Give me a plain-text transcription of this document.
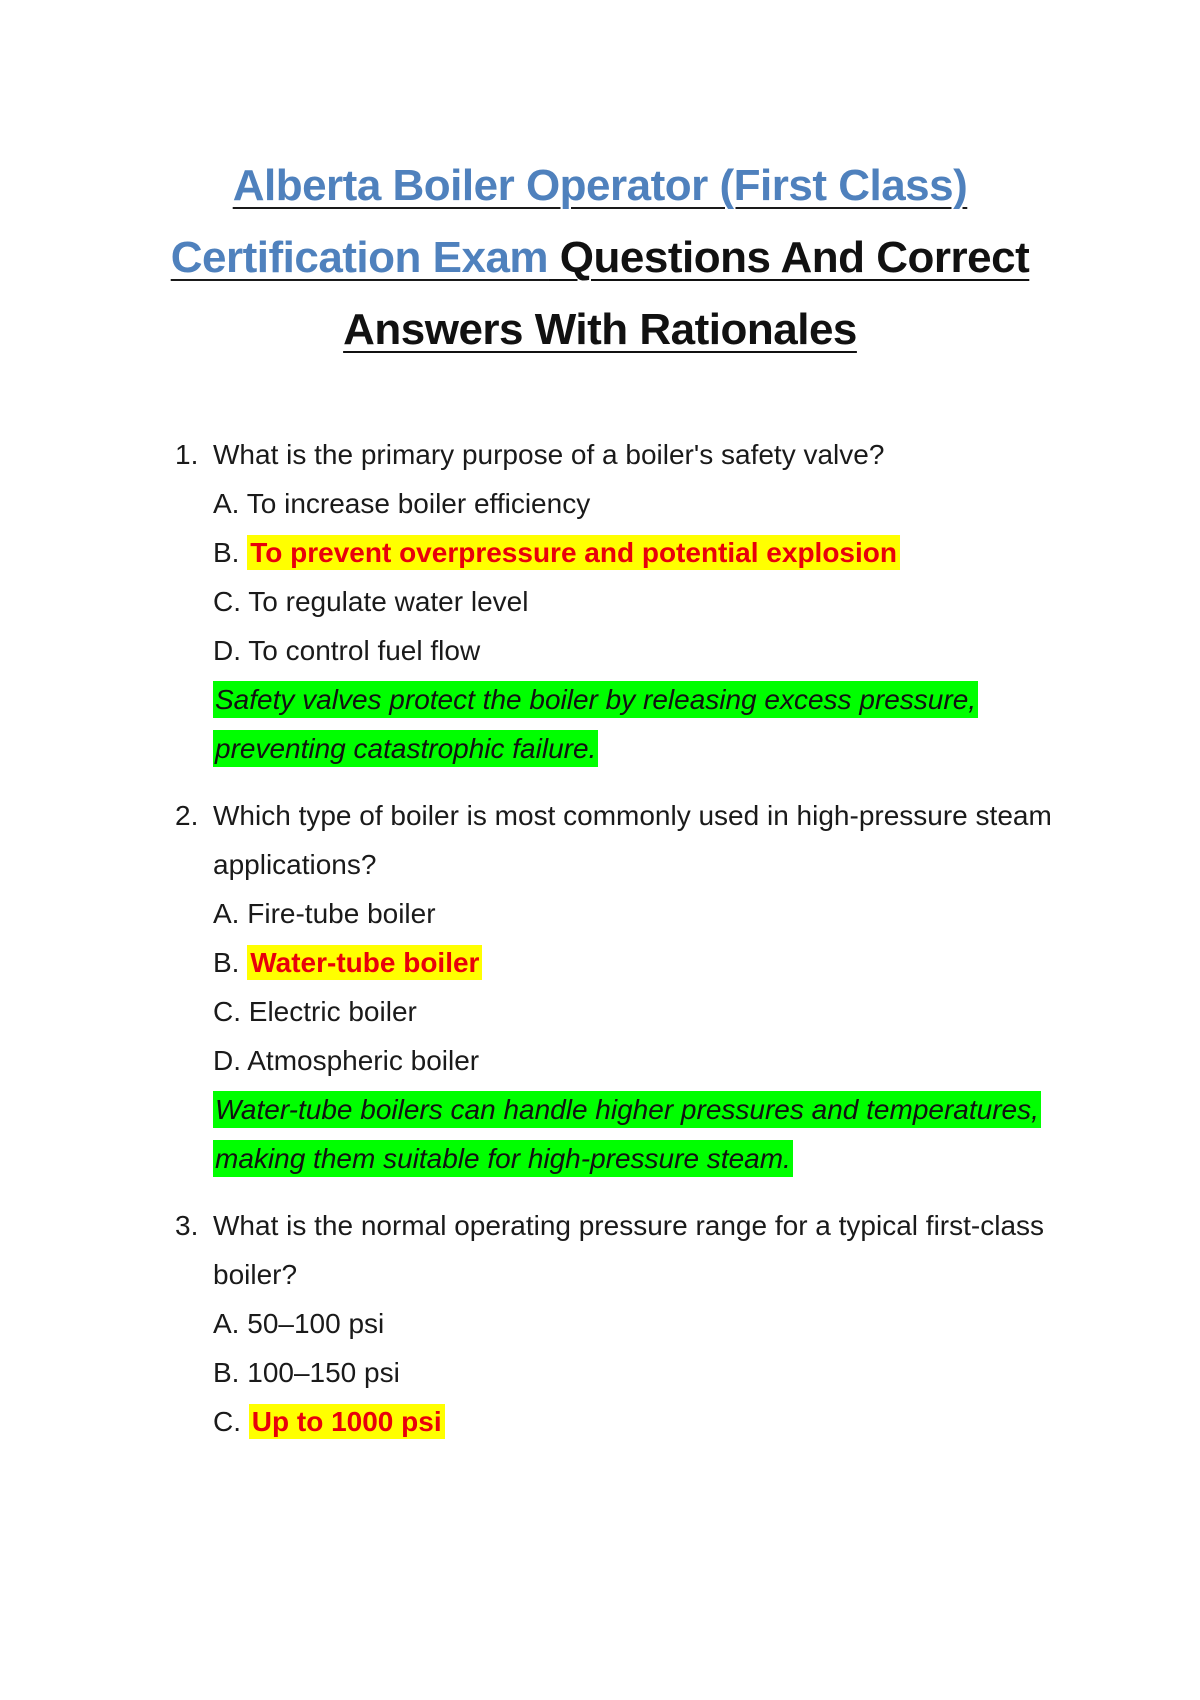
Alberta Boiler Operator (First Class)
Certification Exam Questions And Correct
Answers With Rationales
1. What is the primary purpose of a boiler's safety valve?
A. To increase boiler efficiency
B. To prevent overpressure and potential explosion
C. To regulate water level
D. To control fuel flow
Safety valves protect the boiler by releasing excess pressure, preventing catastrophic failure.
2. Which type of boiler is most commonly used in high-pressure steam applications?
A. Fire-tube boiler
B. Water-tube boiler
C. Electric boiler
D. Atmospheric boiler
Water-tube boilers can handle higher pressures and temperatures, making them suitable for high-pressure steam.
3. What is the normal operating pressure range for a typical first-class boiler?
A. 50–100 psi
B. 100–150 psi
C. Up to 1000 psi
